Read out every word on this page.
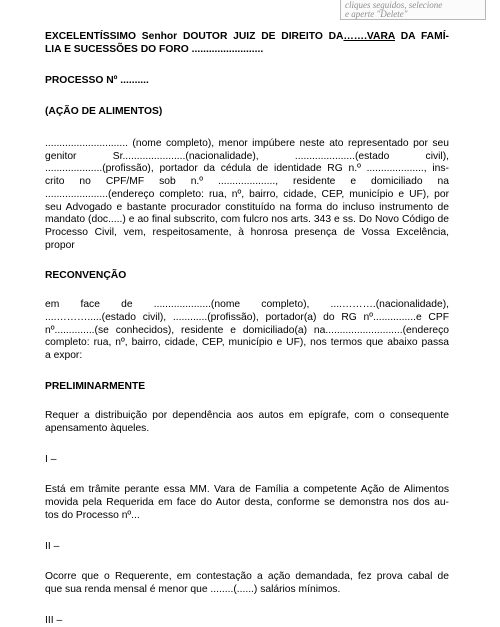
cliques seguidos, selecione
e aperte "Delete"
EXCELENTÍSSIMO Senhor DOUTOR JUIZ DE DIREITO DA…….VARA DA FAMÍ-
LIA E SUCESSÕES DO FORO .........................
PROCESSO Nº ..........
(AÇÃO DE ALIMENTOS)
............................. (nome completo), menor impúbere neste ato representado por seu
genitor Sr......................(nacionalidade), .....................(estado civil),
....................(profissão), portador da cédula de identidade RG n.º ...................., ins-
crito no CPF/MF sob n.º ...................., residente e domiciliado na
......................(endereço completo: rua, nº, bairro, cidade, CEP, município e UF), por
seu Advogado e bastante procurador constituído na forma do incluso instrumento de
mandato (doc.....) e ao final subscrito, com fulcro nos arts. 343 e ss. Do Novo Código de
Processo Civil, vem, respeitosamente, à honrosa presença de Vossa Excelência,
propor
RECONVENÇÃO
em face de ....................(nome completo), ....……….(nacionalidade),
....……….....(estado civil), ............(profissão), portador(a) do RG nº...............e CPF
nº..............(se conhecidos), residente e domiciliado(a) na...........................(endereço
completo: rua, nº, bairro, cidade, CEP, município e UF), nos termos que abaixo passa
a expor:
PRELIMINARMENTE
Requer a distribuição por dependência aos autos em epígrafe, com o consequente
apensamento àqueles.
I –
Está em trâmite perante essa MM. Vara de Família a competente Ação de Alimentos
movida pela Requerida em face do Autor desta, conforme se demonstra nos dos au-
tos do Processo nº...
II –
Ocorre que o Requerente, em contestação a ação demandada, fez prova cabal de
que sua renda mensal é menor que ........(......) salários mínimos.
III –
